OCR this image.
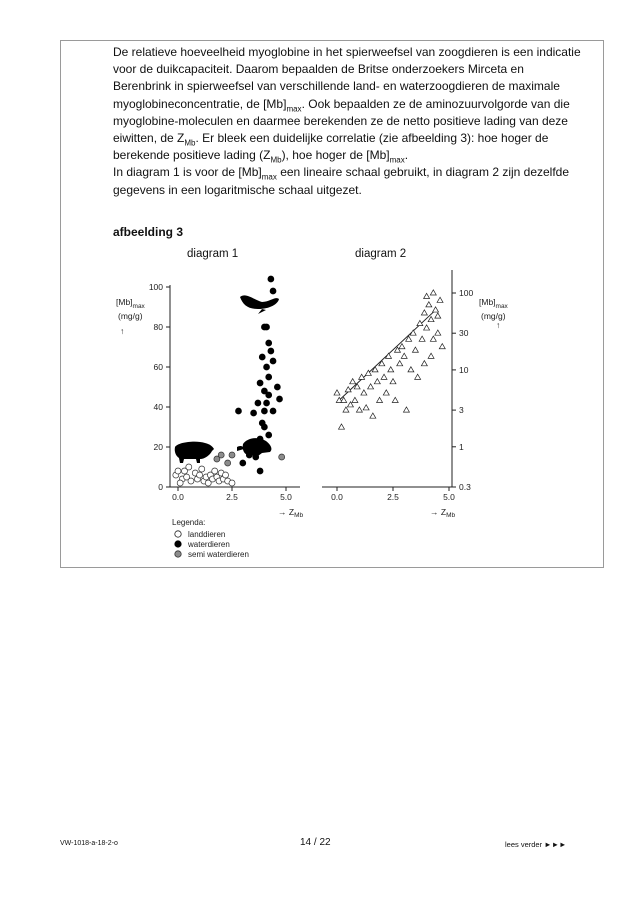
De relatieve hoeveelheid myoglobine in het spierweefsel van zoogdieren is een indicatie voor de duikcapaciteit. Daarom bepaalden de Britse onderzoekers Mirceta en Berenbrink in spierweefsel van verschillende land- en waterzoogdieren de maximale myoglobineconcentratie, de $[Mb]_{max}$. Ook bepaalden ze de aminozuurvolgorde van die myoglobine-moleculen en daarmee berekenden ze de netto positieve lading van deze eiwitten, de $Z_{Mb}$. Er bleek een duidelijke correlatie (zie afbeelding 3): hoe hoger de berekende positieve lading $(Z_{Mb})$, hoe hoger de $[Mb]_{max}$.
In diagram 1 is voor de $[Mb]_{max}$ een lineaire schaal gebruikt, in diagram 2 zijn dezelfde gegevens in een logaritmische schaal uitgezet.

afbeelding 3

diagram 1	diagram 2
0
20
40
60
80
100
0.0	2.5	5.0
$[Mb]_{max}$
(mg/g)
↑
→ $Z_{Mb}$
Legenda:
landdieren
waterdieren
semi waterdieren
0.3
1
3
10
30
100
0.0	2.5	5.0
$[Mb]_{max}$
(mg/g)
↑
→ $Z_{Mb}$
VW-1018-a-18-2-o	14 / 22	lees verder ►►►
